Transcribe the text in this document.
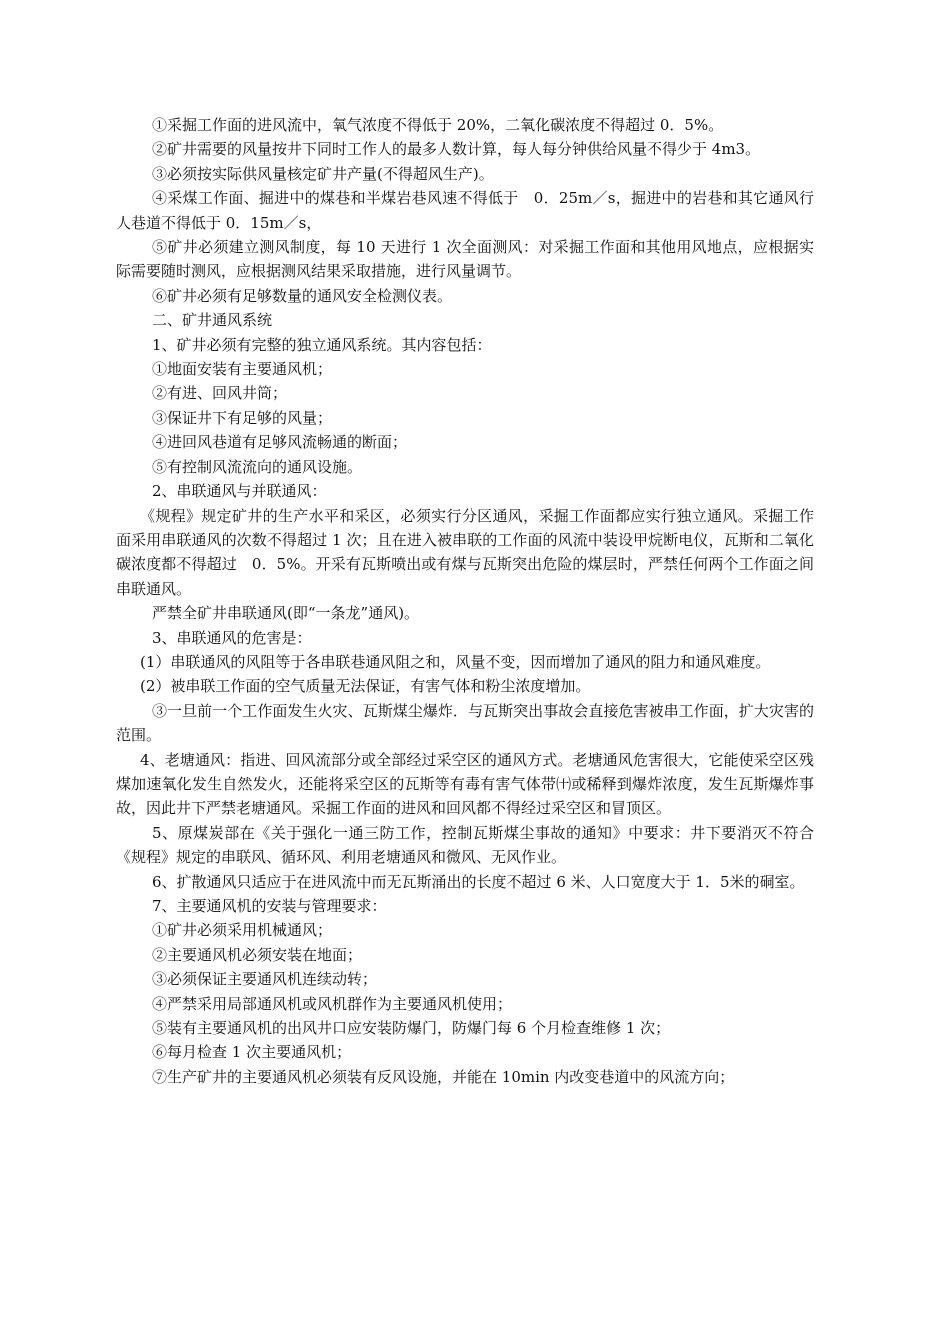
①采掘工作面的进风流中，氧气浓度不得低于 20%，二氧化碳浓度不得超过 0．5%。

②矿井需要的风量按井下同时工作人的最多人数计算，每人每分钟供给风量不得少于 4m3。

③必须按实际供风量核定矿井产量(不得超风生产)。

④采煤工作面、掘进中的煤巷和半煤岩巷风速不得低于　0．25m／s，掘进中的岩巷和其它通风行人巷道不得低于 0．15m／s，

⑤矿井必须建立测风制度，每 10 天进行 1 次全面测风：对采掘工作面和其他用风地点，应根据实际需要随时测风，应根据测风结果采取措施，进行风量调节。

⑥矿井必须有足够数量的通风安全检测仪表。

二、矿井通风系统

1、矿井必须有完整的独立通风系统。其内容包括：

①地面安装有主要通风机；

②有进、回风井筒；

③保证井下有足够的风量；

④进回风巷道有足够风流畅通的断面；

⑤有控制风流流向的通风设施。

2、串联通风与并联通风：

《规程》规定矿井的生产水平和采区，必须实行分区通风，采掘工作面都应实行独立通风。采掘工作面采用串联通风的次数不得超过 1 次；且在进入被串联的工作面的风流中装设甲烷断电仪，瓦斯和二氧化碳浓度都不得超过　0．5%。开采有瓦斯喷出或有煤与瓦斯突出危险的煤层时，严禁任何两个工作面之间串联通风。

严禁全矿井串联通风(即“一条龙”通风)。

3、串联通风的危害是：

(1）串联通风的风阻等于各串联巷通风阻之和，风量不变，因而增加了通风的阻力和通风难度。

(2）被串联工作面的空气质量无法保证，有害气体和粉尘浓度增加。

③一旦前一个工作面发生火灾、瓦斯煤尘爆炸．与瓦斯突出事故会直接危害被串工作面，扩大灾害的范围。

4、老塘通风：指进、回风流部分或全部经过采空区的通风方式。老塘通风危害很大，它能使采空区残煤加速氧化发生自然发火，还能将采空区的瓦斯等有毒有害气体带㈩或稀释到爆炸浓度，发生瓦斯爆炸事故，因此井下严禁老塘通风。采掘工作面的进风和回风都不得经过采空区和冒顶区。

5、原煤炭部在《关于强化一通三防工作，控制瓦斯煤尘事故的通知》中要求：井下要消灭不符合《规程》规定的串联风、循环风、利用老塘通风和微风、无风作业。

6、扩散通风只适应于在进风流中而无瓦斯涌出的长度不超过 6 米、人口宽度大于 1．5米的硐室。

7、主要通风机的安装与管理要求：

①矿井必须采用机械通风；

②主要通风机必须安装在地面；

③必须保证主要通风机连续动转；

④严禁采用局部通风机或风机群作为主要通风机使用；

⑤装有主要通风机的出风井口应安装防爆门，防爆门每 6 个月检查维修 1 次；

⑥每月检查 1 次主要通风机；

⑦生产矿井的主要通风机必须装有反风设施，并能在 10min 内改变巷道中的风流方向；
